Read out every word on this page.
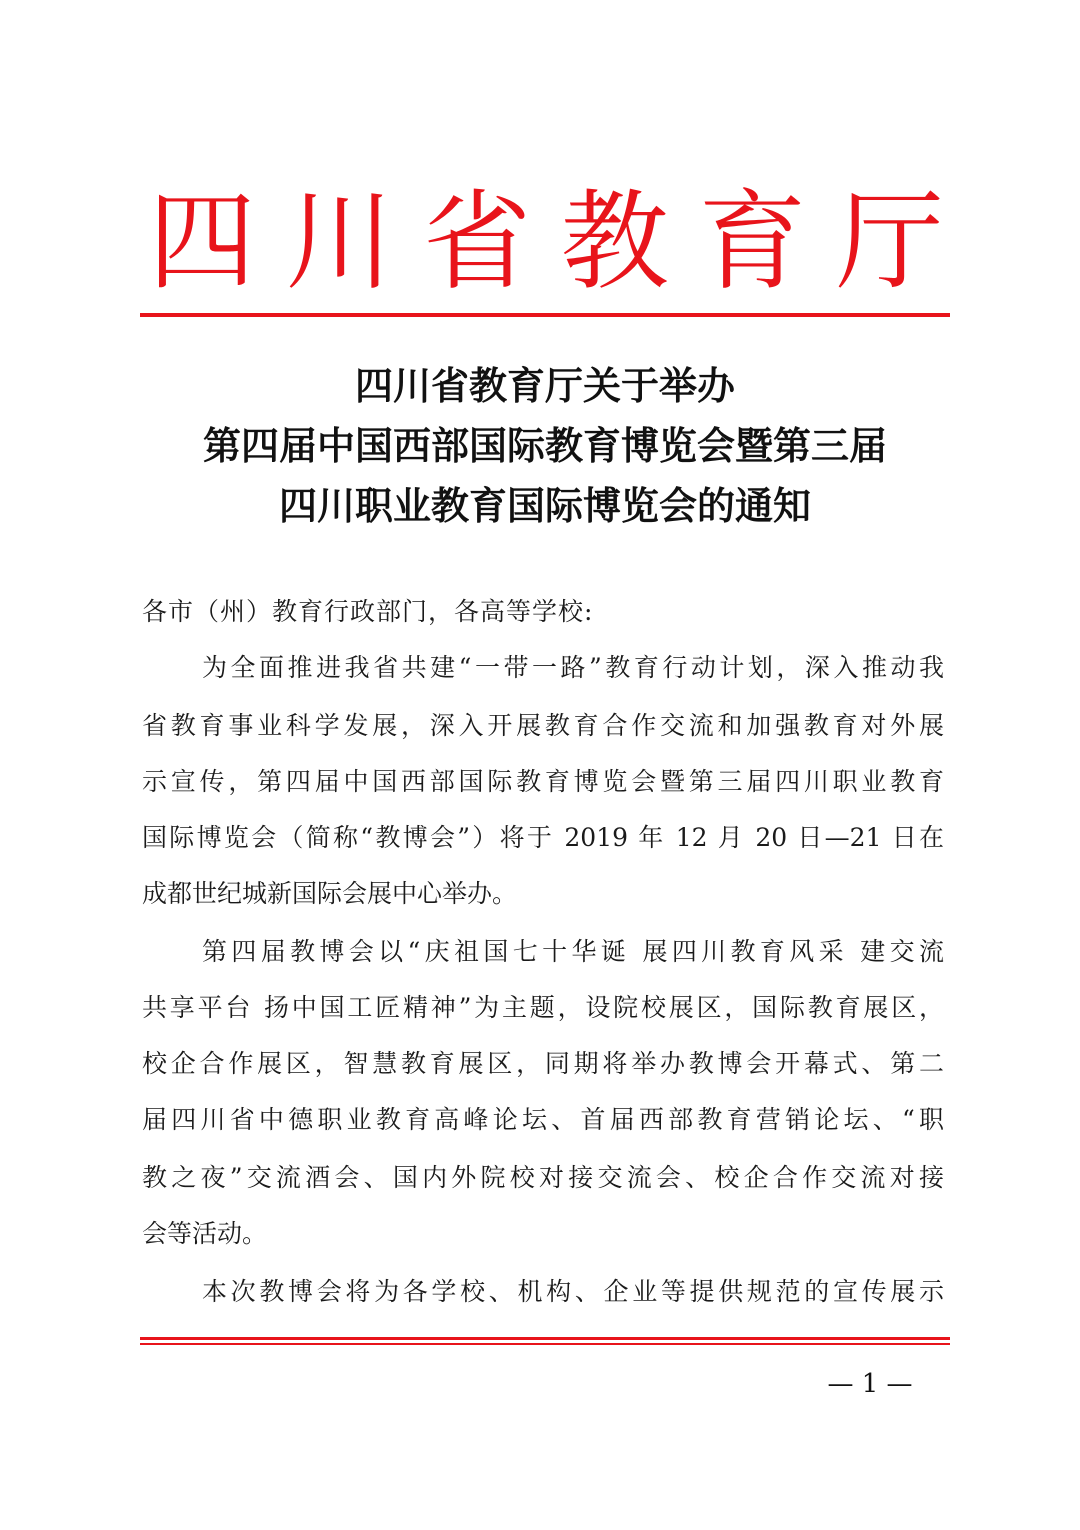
四 川 省 教 育 厅
四川省教育厅关于举办
第四届中国西部国际教育博览会暨第三届
四川职业教育国际博览会的通知
各市（州）教育行政部门，各高等学校:
为全面推进我省共建“一带一路”教育行动计划，深入推动我
省教育事业科学发展，深入开展教育合作交流和加强教育对外展
示宣传，第四届中国西部国际教育博览会暨第三届四川职业教育
国际博览会（简称“教博会”）将于 2019 年 12 月 20 日—21 日在
成都世纪城新国际会展中心举办。
第四届教博会以“庆祖国七十华诞 展四川教育风采 建交流
共享平台 扬中国工匠精神”为主题，设院校展区，国际教育展区，
校企合作展区，智慧教育展区，同期将举办教博会开幕式、第二
届四川省中德职业教育高峰论坛、首届西部教育营销论坛、“职
教之夜”交流酒会、国内外院校对接交流会、校企合作交流对接
会等活动。
本次教博会将为各学校、机构、企业等提供规范的宣传展示
— 1 —
